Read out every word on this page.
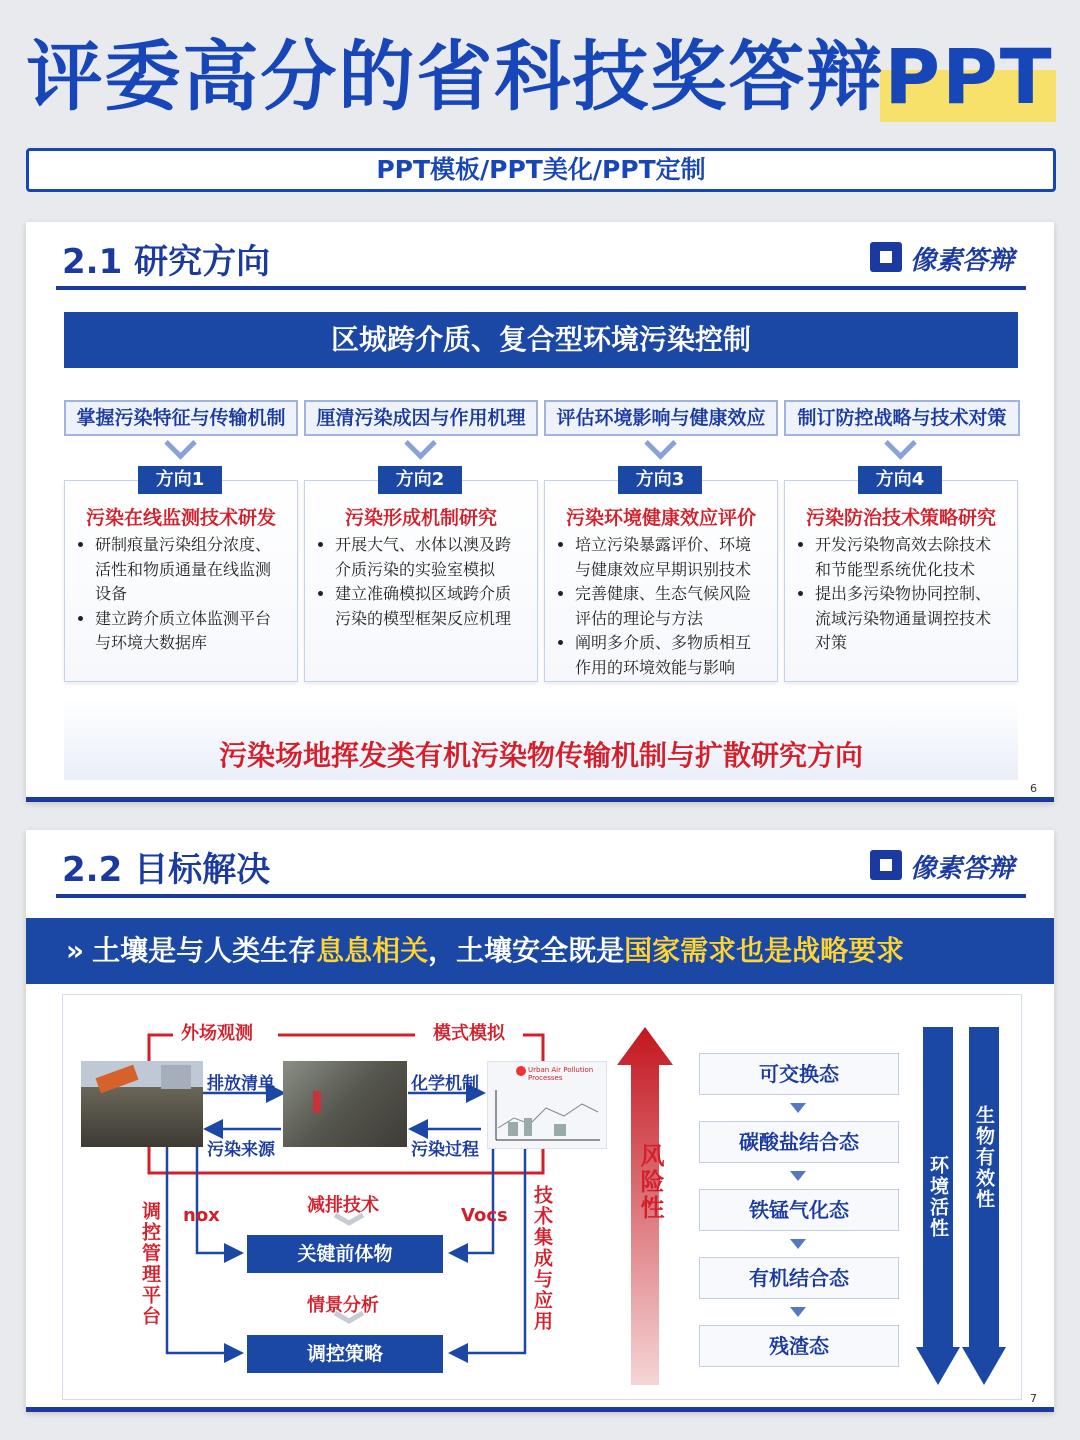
评委高分的省科技奖答辩PPT
PPT模板/PPT美化/PPT定制
2.1 研究方向	像素答辩
区城跨介质、复合型环境污染控制
掌握污染特征与传输机制	厘清污染成因与作用机理	评估环境影响与健康效应	制订防控战略与技术对策
污染在线监测技术研发
• 研制痕量污染组分浓度、活性和物质通量在线监测设备
• 建立跨介质立体监测平台与环境大数据库
方向1
污染形成机制研究
• 开展大气、水体以澳及跨介质污染的实验室模拟
• 建立准确模拟区域跨介质污染的模型框架反应机理
方向2
污染环境健康效应评价
• 培立污染暴露评价、环境与健康效应早期识别技术
• 完善健康、生态气候风险评估的理论与方法
• 阐明多介质、多物质相互作用的环境效能与影响
方向3
污染防治技术策略研究
• 开发污染物高效去除技术和节能型系统优化技术
• 提出多污染物协同控制、流域污染物通量调控技术对策
方向4
污染场地挥发类有机污染物传输机制与扩散研究方向
6
2.2 目标解决	像素答辩
» 土壤是与人类生存息息相关，土壤安全既是国家需求也是战略要求
外场观测	模式模拟
Urban Air Pollution Processes
排放清单
污染来源
化学机制
污染过程
减排技术
nox	Vocs
关键前体物
情景分析
调控策略
调控管理平台	技术集成与应用
风险性
可交换态
碳酸盐结合态
铁锰气化态
有机结合态
残渣态
环境活性 生物有效性
7
